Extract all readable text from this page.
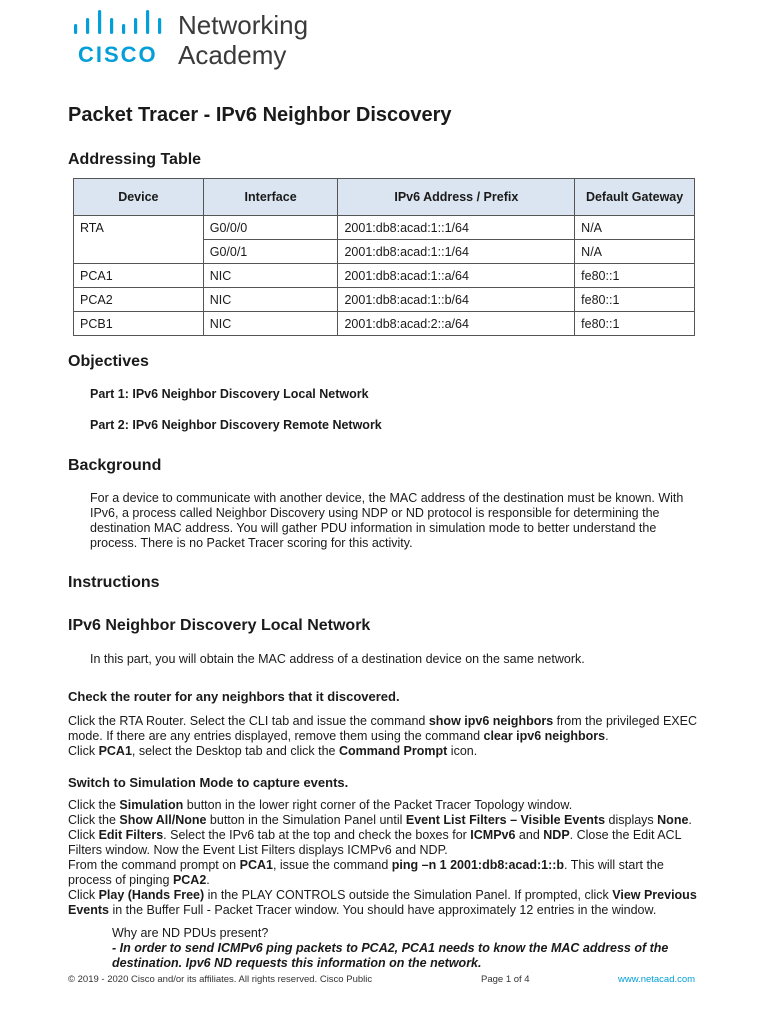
CISCO
Networking
Academy
Packet Tracer - IPv6 Neighbor Discovery
Addressing Table
Device	Interface	IPv6 Address / Prefix	Default Gateway
RTA	G0/0/0	2001:db8:acad:1::1/64	N/A
	G0/0/1	2001:db8:acad:1::1/64	N/A
PCA1	NIC	2001:db8:acad:1::a/64	fe80::1
PCA2	NIC	2001:db8:acad:1::b/64	fe80::1
PCB1	NIC	2001:db8:acad:2::a/64	fe80::1
Objectives
Part 1: IPv6 Neighbor Discovery Local Network
Part 2: IPv6 Neighbor Discovery Remote Network
Background
For a device to communicate with another device, the MAC address of the destination must be known. With
IPv6, a process called Neighbor Discovery using NDP or ND protocol is responsible for determining the
destination MAC address. You will gather PDU information in simulation mode to better understand the
process. There is no Packet Tracer scoring for this activity.
Instructions
IPv6 Neighbor Discovery Local Network
In this part, you will obtain the MAC address of a destination device on the same network.
Check the router for any neighbors that it discovered.
Click the RTA Router. Select the CLI tab and issue the command show ipv6 neighbors from the privileged EXEC
mode. If there are any entries displayed, remove them using the command clear ipv6 neighbors.
Click PCA1, select the Desktop tab and click the Command Prompt icon.
Switch to Simulation Mode to capture events.
Click the Simulation button in the lower right corner of the Packet Tracer Topology window.
Click the Show All/None button in the Simulation Panel until Event List Filters – Visible Events displays None.
Click Edit Filters. Select the IPv6 tab at the top and check the boxes for ICMPv6 and NDP. Close the Edit ACL
Filters window. Now the Event List Filters displays ICMPv6 and NDP.
From the command prompt on PCA1, issue the command ping –n 1 2001:db8:acad:1::b. This will start the
process of pinging PCA2.
Click Play (Hands Free) in the PLAY CONTROLS outside the Simulation Panel. If prompted, click View Previous
Events in the Buffer Full - Packet Tracer window. You should have approximately 12 entries in the window.
Why are ND PDUs present?
- In order to send ICMPv6 ping packets to PCA2, PCA1 needs to know the MAC address of the
destination. Ipv6 ND requests this information on the network.
© 2019 - 2020 Cisco and/or its affiliates. All rights reserved. Cisco Public	Page 1 of 4	www.netacad.com
